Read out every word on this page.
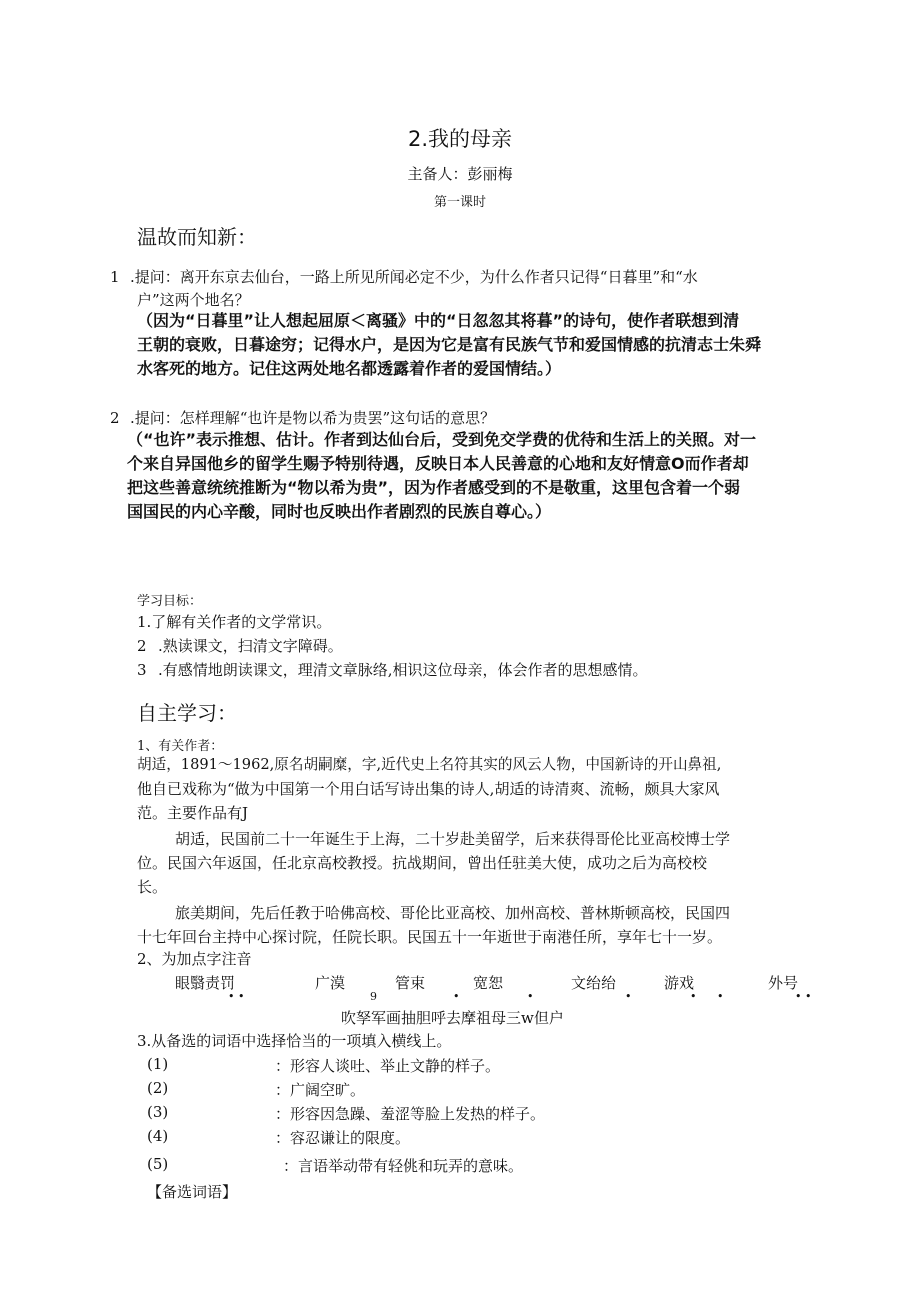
2.我的母亲
主备人：彭丽梅
第一课时
温故而知新：
1 .提问：离开东京去仙台，一路上所见所闻必定不少，为什么作者只记得“日暮里”和“水
户”这两个地名？
（因为“日暮里”让人想起屈原＜离骚》中的“日忽忽其将暮”的诗句，使作者联想到清
王朝的衰败，日暮途穷；记得水户，是因为它是富有民族气节和爱国情感的抗清志士朱舜
水客死的地方。记住这两处地名都透露着作者的爱国情结。）
2 .提问：怎样理解“也许是物以希为贵罢”这句话的意思？
（“也许”表示推想、估计。作者到达仙台后，受到免交学费的优待和生活上的关照。对一
个来自异国他乡的留学生赐予特别待遇，反映日本人民善意的心地和友好情意O而作者却
把这些善意统统推断为“物以希为贵”，因为作者感受到的不是敬重，这里包含着一个弱
国国民的内心辛酸，同时也反映出作者剧烈的民族自尊心。）
学习目标：
1.了解有关作者的文学常识。
2 .熟读课文，扫清文字障碍。
3 .有感情地朗读课文，理清文章脉络,相识这位母亲，体会作者的思想感情。
自主学习：
1、有关作者：
胡适，1891～1962,原名胡嗣糜，字,近代史上名符其实的风云人物，中国新诗的开山鼻祖,
他自已戏称为“做为中国第一个用白话写诗出集的诗人,胡适的诗清爽、流畅，颇具大家风
范。主要作品有J
胡适，民国前二十一年诞生于上海，二十岁赴美留学，后来获得哥伦比亚高校博士学
位。民国六年返国，任北京高校教授。抗战期间，曾出任驻美大使，成功之后为高校校
长。
旅美期间，先后任教于哈佛高校、哥伦比亚高校、加州高校、普林斯顿高校，民国四
十七年回台主持中心探讨院，任院长职。民国五十一年逝世于南港任所，享年七十一岁。
2、为加点字注音
眼翳责罚	广漠	管束	宽恕	文绐绐	游戏	外号
• •	9	•	•	•	• •	• •
吹孥军画抽胆呼去摩祖母三w但户
3.从备选的词语中选择恰当的一项填入横线上。
(1)	：形容人谈吐、举止文静的样子。
(2)	：广阔空旷。
(3)	：形容因急躁、羞涩等脸上发热的样子。
(4)	：容忍谦让的限度。
(5)	：言语举动带有轻佻和玩弄的意味。
【备选词语】
